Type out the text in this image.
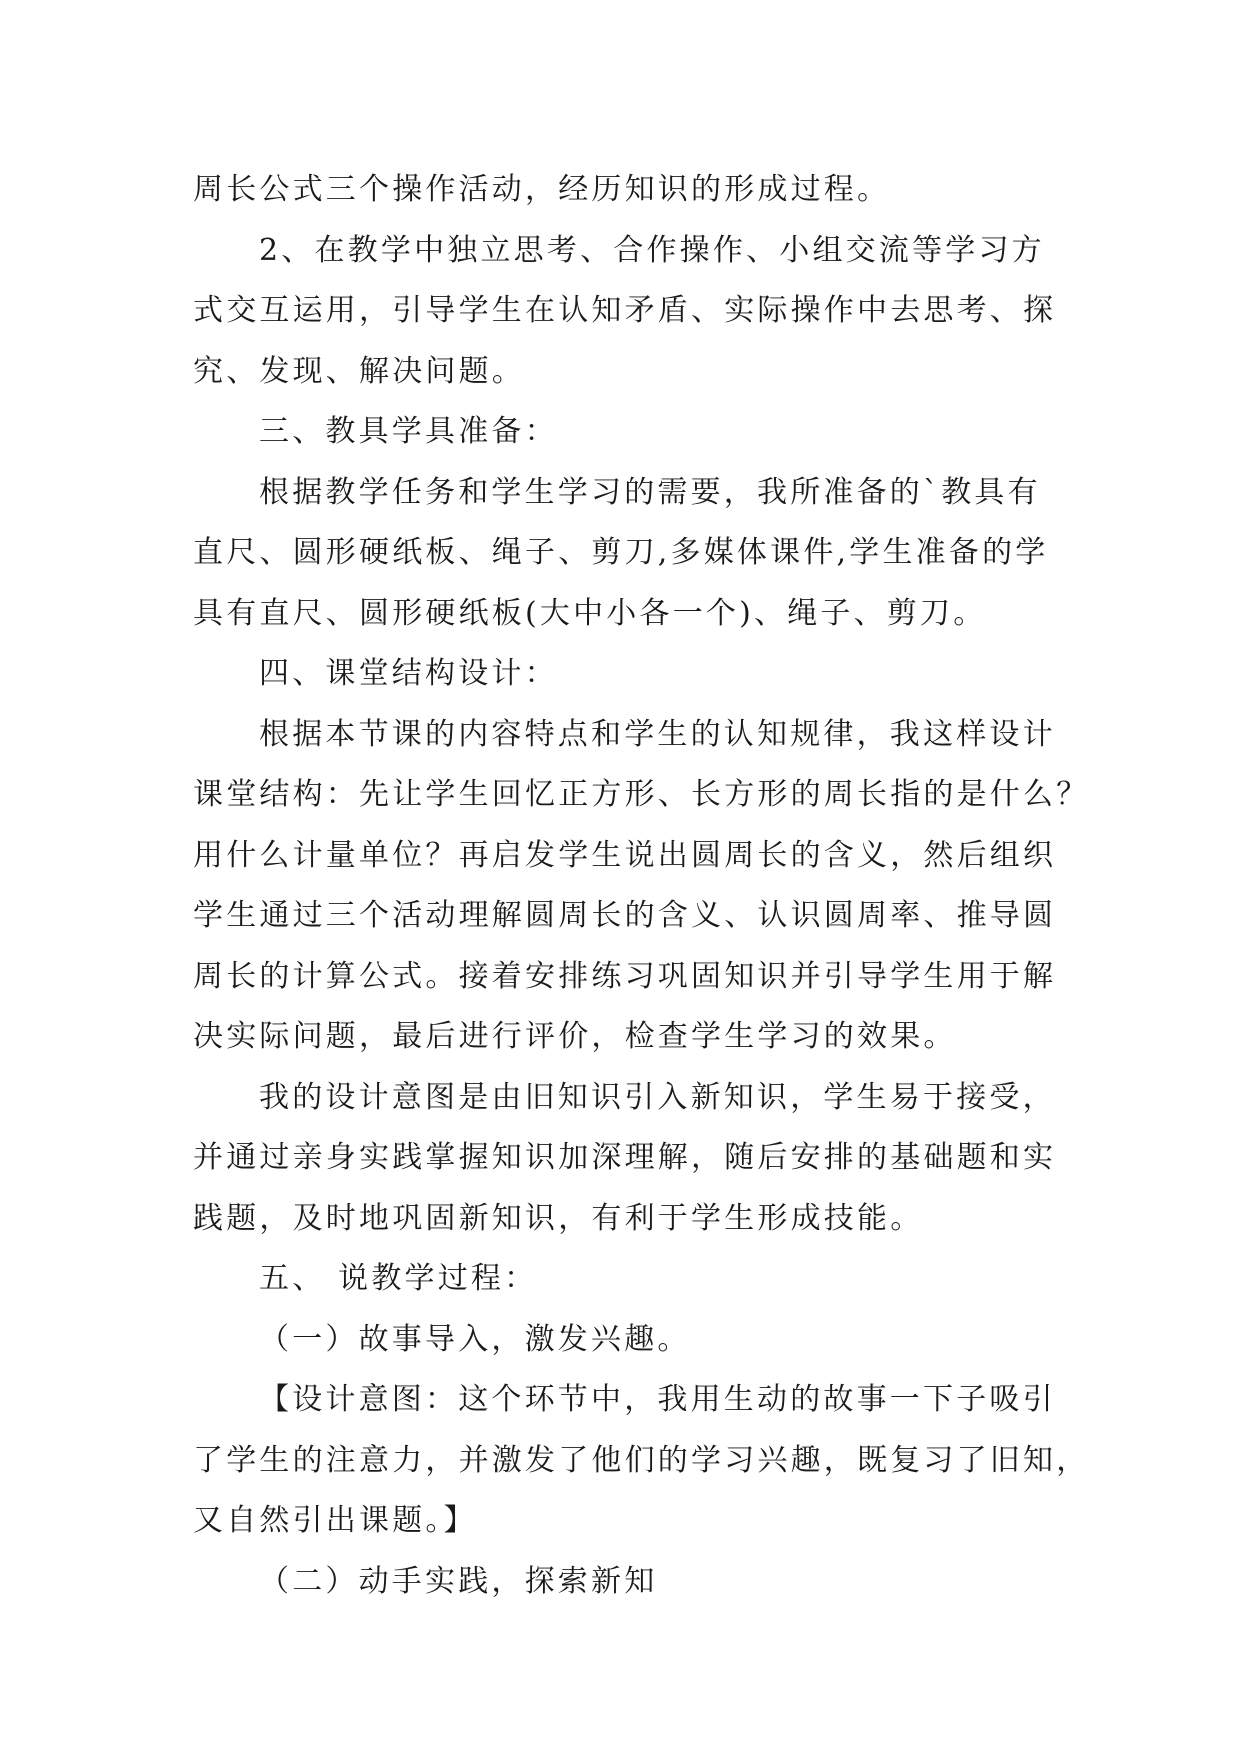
周长公式三个操作活动，经历知识的形成过程。
2、在教学中独立思考、合作操作、小组交流等学习方
式交互运用，引导学生在认知矛盾、实际操作中去思考、探
究、发现、解决问题。
三、教具学具准备：
根据教学任务和学生学习的需要，我所准备的`教具有
直尺、圆形硬纸板、绳子、剪刀,多媒体课件,学生准备的学
具有直尺、圆形硬纸板(大中小各一个)、绳子、剪刀。
四、课堂结构设计：
根据本节课的内容特点和学生的认知规律，我这样设计
课堂结构：先让学生回忆正方形、长方形的周长指的是什么？
用什么计量单位？再启发学生说出圆周长的含义，然后组织
学生通过三个活动理解圆周长的含义、认识圆周率、推导圆
周长的计算公式。接着安排练习巩固知识并引导学生用于解
决实际问题，最后进行评价，检查学生学习的效果。
我的设计意图是由旧知识引入新知识，学生易于接受，
并通过亲身实践掌握知识加深理解，随后安排的基础题和实
践题，及时地巩固新知识，有利于学生形成技能。
五、 说教学过程：
（一）故事导入，激发兴趣。
【设计意图：这个环节中，我用生动的故事一下子吸引
了学生的注意力，并激发了他们的学习兴趣，既复习了旧知，
又自然引出课题。】
（二）动手实践，探索新知
